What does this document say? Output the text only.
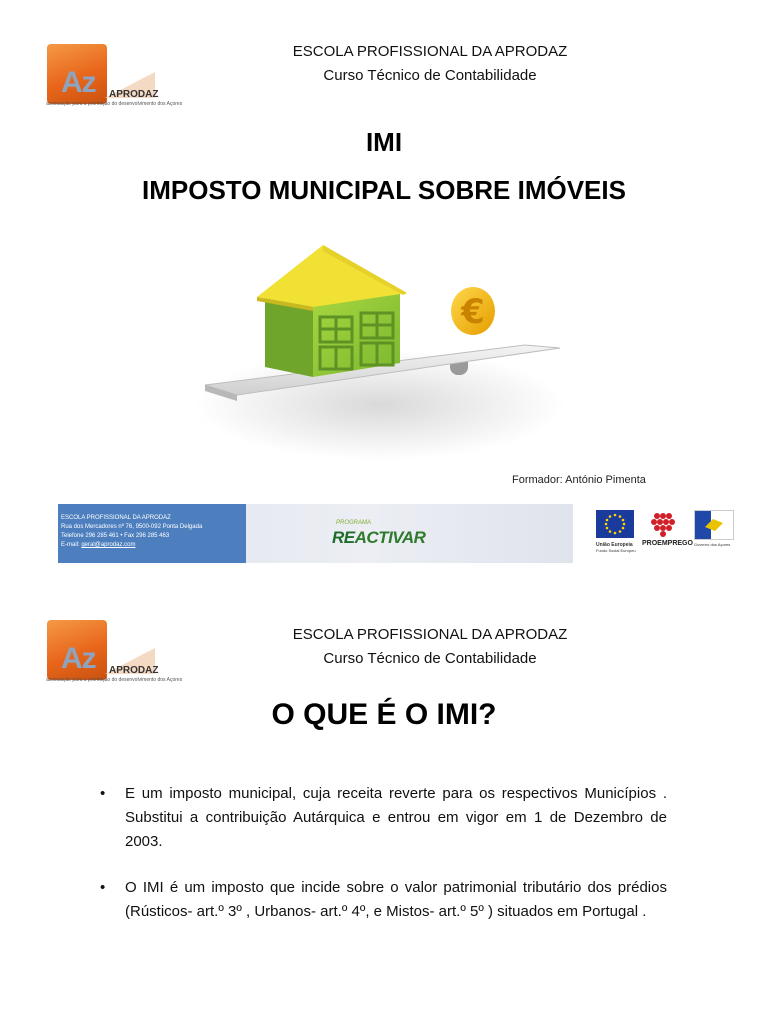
Az APRODAZ
associação para a promoção do desenvolvimento dos Açores
ESCOLA PROFISSIONAL DA APRODAZ
Curso Técnico de Contabilidade
IMI
IMPOSTO MUNICIPAL SOBRE IMÓVEIS
€
Formador: António Pimenta
ESCOLA PROFISSIONAL DA APRODAZ
Rua dos Mercadores nº 76, 9500-092 Ponta Delgada
Telefone 296 285 461 • Fax 296 285 463
E-mail: geral@aprodaz.com
PROGRAMA
REACTIVAR	União Europeia
Fundo Social Europeu
PROEMPREGO Governo dos Açores
Az APRODAZ
associação para a promoção do desenvolvimento dos Açores
ESCOLA PROFISSIONAL DA APRODAZ
Curso Técnico de Contabilidade
O QUE É O IMI?
• E um imposto municipal, cuja receita reverte para os respectivos Municípios . Substitui a contribuição Autárquica e entrou em vigor em 1 de Dezembro de 2003.
• O IMI é um imposto que incide sobre o valor patrimonial tributário dos prédios (Rústicos- art.º 3º , Urbanos- art.º 4º, e Mistos- art.º 5º ) situados em Portugal .
